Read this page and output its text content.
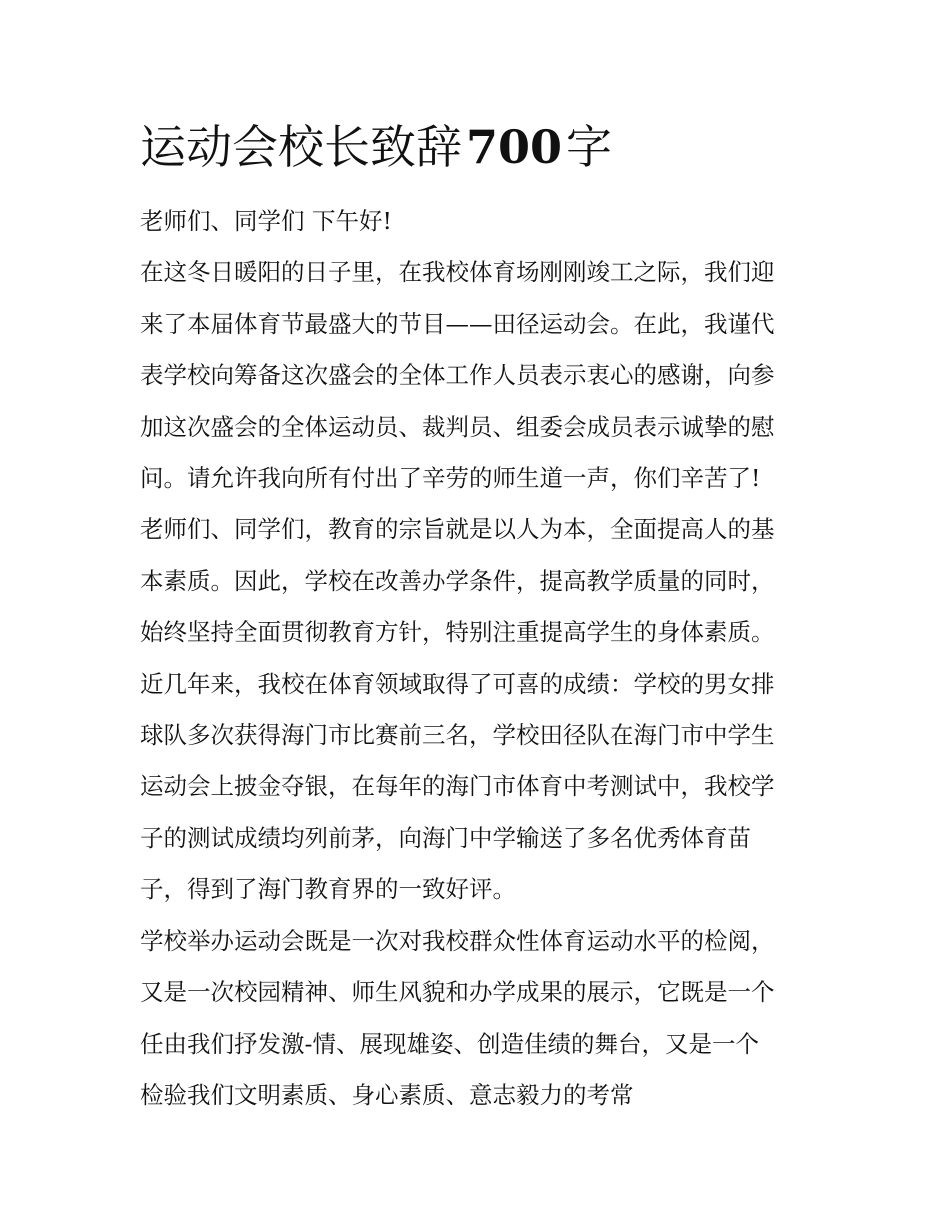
运动会校长致辞700字
老师们、同学们 下午好!
在这冬日暖阳的日子里，在我校体育场刚刚竣工之际，我们迎
来了本届体育节最盛大的节目——田径运动会。在此，我谨代
表学校向筹备这次盛会的全体工作人员表示衷心的感谢，向参
加这次盛会的全体运动员、裁判员、组委会成员表示诚挚的慰
问。请允许我向所有付出了辛劳的师生道一声，你们辛苦了!
老师们、同学们，教育的宗旨就是以人为本，全面提高人的基
本素质。因此，学校在改善办学条件，提高教学质量的同时，
始终坚持全面贯彻教育方针，特别注重提高学生的身体素质。
近几年来，我校在体育领域取得了可喜的成绩：学校的男女排
球队多次获得海门市比赛前三名，学校田径队在海门市中学生
运动会上披金夺银，在每年的海门市体育中考测试中，我校学
子的测试成绩均列前茅，向海门中学输送了多名优秀体育苗
子，得到了海门教育界的一致好评。
学校举办运动会既是一次对我校群众性体育运动水平的检阅，
又是一次校园精神、师生风貌和办学成果的展示，它既是一个
任由我们抒发激-情、展现雄姿、创造佳绩的舞台，又是一个
检验我们文明素质、身心素质、意志毅力的考常
